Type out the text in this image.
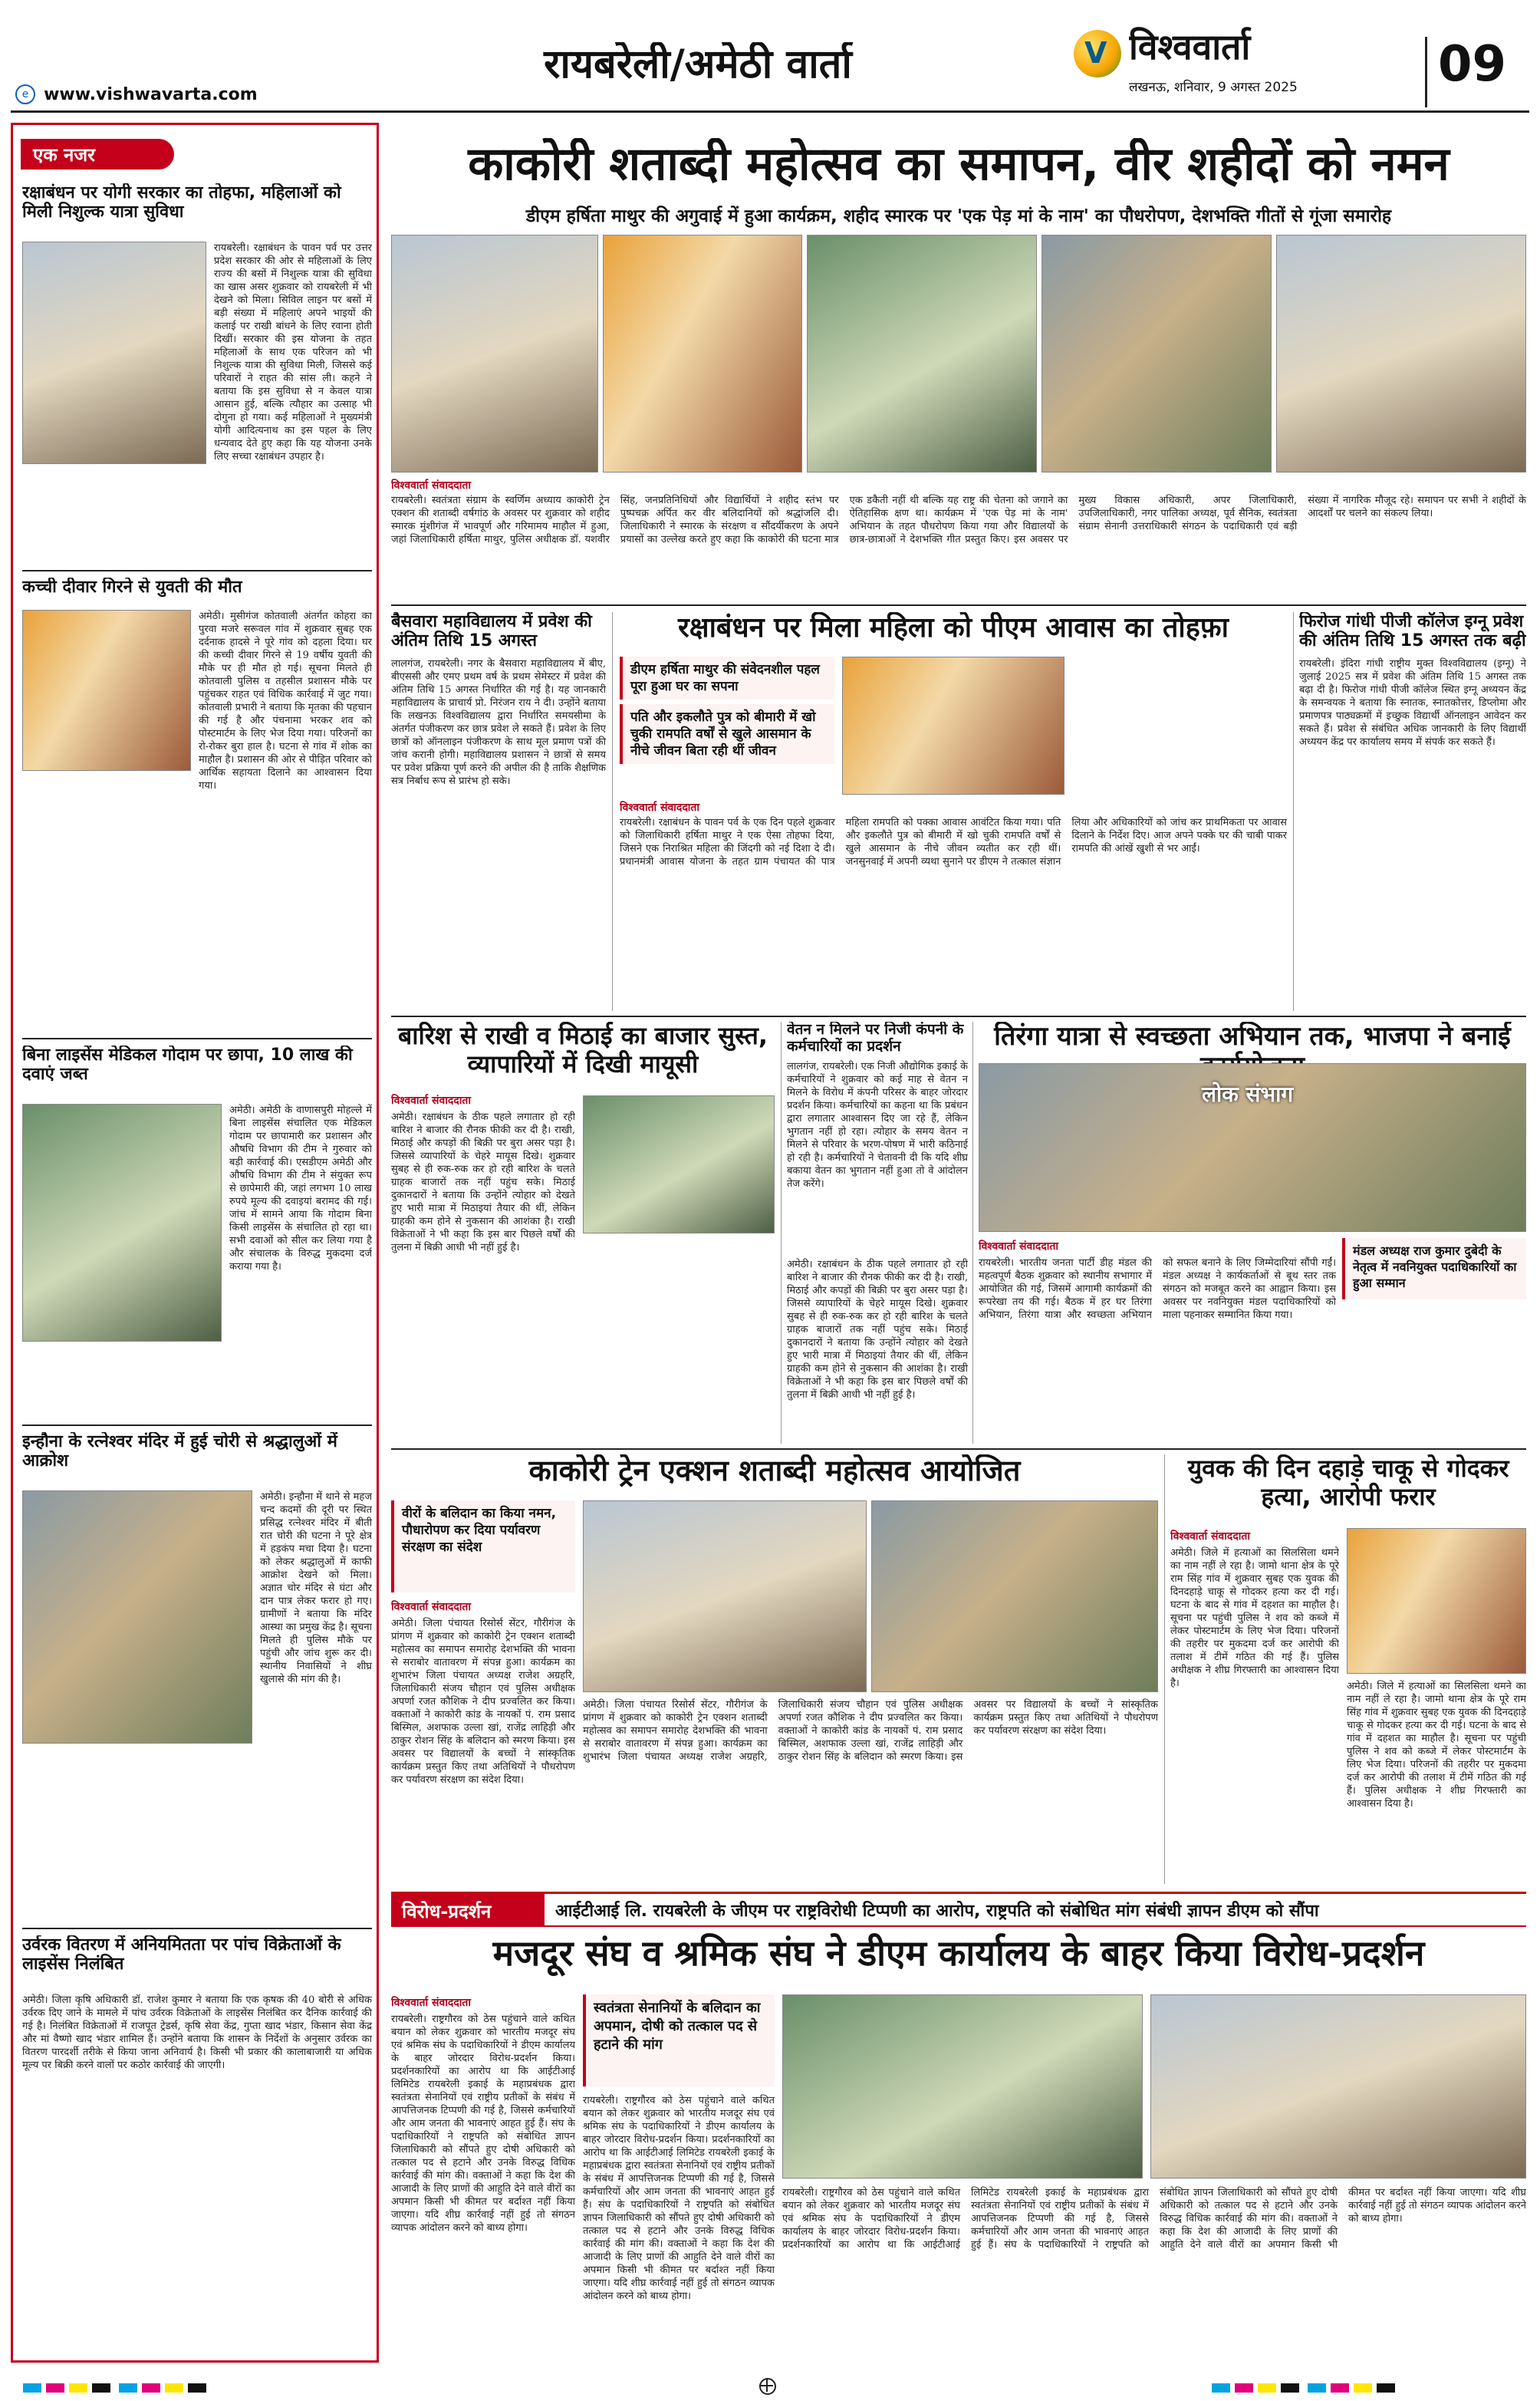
रायबरेली/अमेठी वार्ता
e www.vishwavarta.com
V विश्ववार्ता
लखनऊ, शनिवार, 9 अगस्त 2025	09
एक नजर
रक्षाबंधन पर योगी सरकार का तोहफा, महिलाओं को मिली निशुल्क यात्रा सुविधा
रायबरेली। रक्षाबंधन के पावन पर्व पर उत्तर प्रदेश सरकार की ओर से महिलाओं के लिए राज्य की बसों में निशुल्क यात्रा की सुविधा का खास असर शुक्रवार को रायबरेली में भी देखने को मिला। सिविल लाइन पर बसों में बड़ी संख्या में महिलाएं अपने भाइयों की कलाई पर राखी बांधने के लिए रवाना होती दिखीं। सरकार की इस योजना के तहत महिलाओं के साथ एक परिजन को भी निशुल्क यात्रा की सुविधा मिली, जिससे कई परिवारों ने राहत की सांस ली। कहने ने बताया कि इस सुविधा से न केवल यात्रा आसान हुई, बल्कि त्यौहार का उत्साह भी दोगुना हो गया। कई महिलाओं ने मुख्यमंत्री योगी आदित्यनाथ का इस पहल के लिए धन्यवाद देते हुए कहा कि यह योजना उनके लिए सच्चा रक्षाबंधन उपहार है।
कच्ची दीवार गिरने से युवती की मौत
अमेठी। मुसीगंज कोतवाली अंतर्गत कोहरा का पुरवा मजरे सरूवल गांव में शुक्रवार सुबह एक दर्दनाक हादसे ने पूरे गांव को दहला दिया। घर की कच्ची दीवार गिरने से 19 वर्षीय युवती की मौके पर ही मौत हो गई। सूचना मिलते ही कोतवाली पुलिस व तहसील प्रशासन मौके पर पहुंचकर राहत एवं विधिक कार्रवाई में जुट गया। कोतवाली प्रभारी ने बताया कि मृतका की पहचान की गई है और पंचनामा भरकर शव को पोस्टमार्टम के लिए भेज दिया गया। परिजनों का रो-रोकर बुरा हाल है। घटना से गांव में शोक का माहौल है। प्रशासन की ओर से पीड़ित परिवार को आर्थिक सहायता दिलाने का आश्वासन दिया गया।
बिना लाइसेंस मेडिकल गोदाम पर छापा, 10 लाख की दवाएं जब्त
अमेठी। अमेठी के वाणासपुरी मोहल्ले में बिना लाइसेंस संचालित एक मेडिकल गोदाम पर छापामारी कर प्रशासन और औषधि विभाग की टीम ने गुरुवार को बड़ी कार्रवाई की। एसडीएम अमेठी और औषधि विभाग की टीम ने संयुक्त रूप से छापेमारी की, जहां लगभग 10 लाख रुपये मूल्य की दवाइयां बरामद की गई। जांच में सामने आया कि गोदाम बिना किसी लाइसेंस के संचालित हो रहा था। सभी दवाओं को सील कर लिया गया है और संचालक के विरुद्ध मुकदमा दर्ज कराया गया है।
इन्हौना के रत्नेश्वर मंदिर में हुई चोरी से श्रद्धालुओं में आक्रोश
अमेठी। इन्हौना में थाने से महज चन्द कदमों की दूरी पर स्थित प्रसिद्ध रत्नेश्वर मंदिर में बीती रात चोरी की घटना ने पूरे क्षेत्र में हड़कंप मचा दिया है। घटना को लेकर श्रद्धालुओं में काफी आक्रोश देखने को मिला। अज्ञात चोर मंदिर से घंटा और दान पात्र लेकर फरार हो गए। ग्रामीणों ने बताया कि मंदिर आस्था का प्रमुख केंद्र है। सूचना मिलते ही पुलिस मौके पर पहुंची और जांच शुरू कर दी। स्थानीय निवासियों ने शीघ्र खुलासे की मांग की है।
उर्वरक वितरण में अनियमितता पर पांच विक्रेताओं के लाइसेंस निलंबित
अमेठी। जिला कृषि अधिकारी डॉ. राजेश कुमार ने बताया कि एक कृषक की 40 बोरी से अधिक उर्वरक दिए जाने के मामले में पांच उर्वरक विक्रेताओं के लाइसेंस निलंबित कर दैनिक कार्रवाई की गई है। निलंबित विक्रेताओं में राजपूत ट्रेडर्स, कृषि सेवा केंद्र, गुप्ता खाद भंडार, किसान सेवा केंद्र और मां वैष्णो खाद भंडार शामिल हैं। उन्होंने बताया कि शासन के निर्देशों के अनुसार उर्वरक का वितरण पारदर्शी तरीके से किया जाना अनिवार्य है। किसी भी प्रकार की कालाबाजारी या अधिक मूल्य पर बिक्री करने वालों पर कठोर कार्रवाई की जाएगी।
काकोरी शताब्दी महोत्सव का समापन, वीर शहीदों को नमन
डीएम हर्षिता माथुर की अगुवाई में हुआ कार्यक्रम, शहीद स्मारक पर 'एक पेड़ मां के नाम' का पौधरोपण, देशभक्ति गीतों से गूंजा समारोह
विश्ववार्ता संवाददाता
रायबरेली। स्वतंत्रता संग्राम के स्वर्णिम अध्याय काकोरी ट्रेन एक्शन की शताब्दी वर्षगांठ के अवसर पर शुक्रवार को शहीद स्मारक मुंशीगंज में भावपूर्ण और गरिमामय माहौल में हुआ, जहां जिलाधिकारी हर्षिता माथुर, पुलिस अधीक्षक डॉ. यशवीर सिंह, जनप्रतिनिधियों और विद्यार्थियों ने शहीद स्तंभ पर पुष्पचक्र अर्पित कर वीर बलिदानियों को श्रद्धांजलि दी। जिलाधिकारी ने स्मारक के संरक्षण व सौंदर्यीकरण के अपने प्रयासों का उल्लेख करते हुए कहा कि काकोरी की घटना मात्र एक डकैती नहीं थी बल्कि यह राष्ट्र की चेतना को जगाने का ऐतिहासिक क्षण था। कार्यक्रम में 'एक पेड़ मां के नाम' अभियान के तहत पौधरोपण किया गया और विद्यालयों के छात्र-छात्राओं ने देशभक्ति गीत प्रस्तुत किए। इस अवसर पर मुख्य विकास अधिकारी, अपर जिलाधिकारी, उपजिलाधिकारी, नगर पालिका अध्यक्ष, पूर्व सैनिक, स्वतंत्रता संग्राम सेनानी उत्तराधिकारी संगठन के पदाधिकारी एवं बड़ी संख्या में नागरिक मौजूद रहे। समापन पर सभी ने शहीदों के आदर्शों पर चलने का संकल्प लिया।
बैसवारा महाविद्यालय में प्रवेश की अंतिम तिथि 15 अगस्त
लालगंज, रायबरेली। नगर के बैसवारा महाविद्यालय में बीए, बीएससी और एमए प्रथम वर्ष के प्रथम सेमेस्टर में प्रवेश की अंतिम तिथि 15 अगस्त निर्धारित की गई है। यह जानकारी महाविद्यालय के प्राचार्य प्रो. निरंजन राय ने दी। उन्होंने बताया कि लखनऊ विश्वविद्यालय द्वारा निर्धारित समयसीमा के अंतर्गत पंजीकरण कर छात्र प्रवेश ले सकते हैं। प्रवेश के लिए छात्रों को ऑनलाइन पंजीकरण के साथ मूल प्रमाण पत्रों की जांच करानी होगी। महाविद्यालय प्रशासन ने छात्रों से समय पर प्रवेश प्रक्रिया पूर्ण करने की अपील की है ताकि शैक्षणिक सत्र निर्बाध रूप से प्रारंभ हो सके।
रक्षाबंधन पर मिला महिला को पीएम आवास का तोहफ़ा
डीएम हर्षिता माथुर की संवेदनशील पहल पूरा हुआ घर का सपना
पति और इकलौते पुत्र को बीमारी में खो चुकी रामपति वर्षों से खुले आसमान के नीचे जीवन बिता रही थीं जीवन
विश्ववार्ता संवाददाता
रायबरेली। रक्षाबंधन के पावन पर्व के एक दिन पहले शुक्रवार को जिलाधिकारी हर्षिता माथुर ने एक ऐसा तोहफा दिया, जिसने एक निराश्रित महिला की जिंदगी को नई दिशा दे दी। प्रधानमंत्री आवास योजना के तहत ग्राम पंचायत की पात्र महिला रामपति को पक्का आवास आवंटित किया गया। पति और इकलौते पुत्र को बीमारी में खो चुकी रामपति वर्षों से खुले आसमान के नीचे जीवन व्यतीत कर रही थीं। जनसुनवाई में अपनी व्यथा सुनाने पर डीएम ने तत्काल संज्ञान लिया और अधिकारियों को जांच कर प्राथमिकता पर आवास दिलाने के निर्देश दिए। आज अपने पक्के घर की चाबी पाकर रामपति की आंखें खुशी से भर आईं।
फिरोज गांधी पीजी कॉलेज इग्नू प्रवेश की अंतिम तिथि 15 अगस्त तक बढ़ी
रायबरेली। इंदिरा गांधी राष्ट्रीय मुक्त विश्वविद्यालय (इग्नू) ने जुलाई 2025 सत्र में प्रवेश की अंतिम तिथि 15 अगस्त तक बढ़ा दी है। फिरोज गांधी पीजी कॉलेज स्थित इग्नू अध्ययन केंद्र के समन्वयक ने बताया कि स्नातक, स्नातकोत्तर, डिप्लोमा और प्रमाणपत्र पाठ्यक्रमों में इच्छुक विद्यार्थी ऑनलाइन आवेदन कर सकते हैं। प्रवेश से संबंधित अधिक जानकारी के लिए विद्यार्थी अध्ययन केंद्र पर कार्यालय समय में संपर्क कर सकते हैं।
बारिश से राखी व मिठाई का बाजार सुस्त, व्यापारियों में दिखी मायूसी
विश्ववार्ता संवाददाता
अमेठी। रक्षाबंधन के ठीक पहले लगातार हो रही बारिश ने बाजार की रौनक फीकी कर दी है। राखी, मिठाई और कपड़ों की बिक्री पर बुरा असर पड़ा है। जिससे व्यापारियों के चेहरे मायूस दिखे। शुक्रवार सुबह से ही रुक-रुक कर हो रही बारिश के चलते ग्राहक बाजारों तक नहीं पहुंच सके। मिठाई दुकानदारों ने बताया कि उन्होंने त्योहार को देखते हुए भारी मात्रा में मिठाइयां तैयार की थीं, लेकिन ग्राहकी कम होने से नुकसान की आशंका है। राखी विक्रेताओं ने भी कहा कि इस बार पिछले वर्षों की तुलना में बिक्री आधी भी नहीं हुई है।
वेतन न मिलने पर निजी कंपनी के कर्मचारियों का प्रदर्शन
लालगंज, रायबरेली। एक निजी औद्योगिक इकाई के कर्मचारियों ने शुक्रवार को कई माह से वेतन न मिलने के विरोध में कंपनी परिसर के बाहर जोरदार प्रदर्शन किया। कर्मचारियों का कहना था कि प्रबंधन द्वारा लगातार आश्वासन दिए जा रहे हैं, लेकिन भुगतान नहीं हो रहा। त्योहार के समय वेतन न मिलने से परिवार के भरण-पोषण में भारी कठिनाई हो रही है। कर्मचारियों ने चेतावनी दी कि यदि शीघ्र बकाया वेतन का भुगतान नहीं हुआ तो वे आंदोलन तेज करेंगे।
तिरंगा यात्रा से स्वच्छता अभियान तक, भाजपा ने बनाई
लोक संभाग
विश्ववार्ता संवाददाता	मंडल अध्यक्ष राज कुमार दुबेदी के नेतृत्व में नवनियुक्त पदाधिकारियों का हुआ सम्मान
रायबरेली। भारतीय जनता पार्टी डीह मंडल की महत्वपूर्ण बैठक शुक्रवार को स्थानीय सभागार में आयोजित की गई, जिसमें आगामी कार्यक्रमों की रूपरेखा तय की गई। बैठक में हर घर तिरंगा अभियान, तिरंगा यात्रा और स्वच्छता अभियान को सफल बनाने के लिए जिम्मेदारियां सौंपी गईं। मंडल अध्यक्ष ने कार्यकर्ताओं से बूथ स्तर तक संगठन को मजबूत करने का आह्वान किया। इस अवसर पर नवनियुक्त मंडल पदाधिकारियों को माला पहनाकर सम्मानित किया गया।
अमेठी। रक्षाबंधन के ठीक पहले लगातार हो रही बारिश ने बाजार की रौनक फीकी कर दी है। राखी, मिठाई और कपड़ों की बिक्री पर बुरा असर पड़ा है। जिससे व्यापारियों के चेहरे मायूस दिखे। शुक्रवार सुबह से ही रुक-रुक कर हो रही बारिश के चलते ग्राहक बाजारों तक नहीं पहुंच सके। मिठाई दुकानदारों ने बताया कि उन्होंने त्योहार को देखते हुए भारी मात्रा में मिठाइयां तैयार की थीं, लेकिन ग्राहकी कम होने से नुकसान की आशंका है। राखी विक्रेताओं ने भी कहा कि इस बार पिछले वर्षों की तुलना में बिक्री आधी भी नहीं हुई है।
काकोरी ट्रेन एक्शन शताब्दी महोत्सव आयोजित
वीरों के बलिदान का किया नमन, पौधारोपण कर दिया पर्यावरण संरक्षण का संदेश
विश्ववार्ता संवाददाता
अमेठी। जिला पंचायत रिसोर्स सेंटर, गौरीगंज के प्रांगण में शुक्रवार को काकोरी ट्रेन एक्शन शताब्दी महोत्सव का समापन समारोह देशभक्ति की भावना से सराबोर वातावरण में संपन्न हुआ। कार्यक्रम का शुभारंभ जिला पंचायत अध्यक्ष राजेश अग्रहरि, जिलाधिकारी संजय चौहान एवं पुलिस अधीक्षक अपर्णा रजत कौशिक ने दीप प्रज्वलित कर किया। वक्ताओं ने काकोरी कांड के नायकों पं. राम प्रसाद बिस्मिल, अशफाक उल्ला खां, राजेंद्र लाहिड़ी और ठाकुर रोशन सिंह के बलिदान को स्मरण किया। इस अवसर पर विद्यालयों के बच्चों ने सांस्कृतिक कार्यक्रम प्रस्तुत किए तथा अतिथियों ने पौधरोपण कर पर्यावरण संरक्षण का संदेश दिया।
अमेठी। जिला पंचायत रिसोर्स सेंटर, गौरीगंज के प्रांगण में शुक्रवार को काकोरी ट्रेन एक्शन शताब्दी महोत्सव का समापन समारोह देशभक्ति की भावना से सराबोर वातावरण में संपन्न हुआ। कार्यक्रम का शुभारंभ जिला पंचायत अध्यक्ष राजेश अग्रहरि, जिलाधिकारी संजय चौहान एवं पुलिस अधीक्षक अपर्णा रजत कौशिक ने दीप प्रज्वलित कर किया। वक्ताओं ने काकोरी कांड के नायकों पं. राम प्रसाद बिस्मिल, अशफाक उल्ला खां, राजेंद्र लाहिड़ी और ठाकुर रोशन सिंह के बलिदान को स्मरण किया। इस अवसर पर विद्यालयों के बच्चों ने सांस्कृतिक कार्यक्रम प्रस्तुत किए तथा अतिथियों ने पौधरोपण कर पर्यावरण संरक्षण का संदेश दिया।
युवक की दिन दहाड़े चाकू से गोदकर हत्या, आरोपी फरार
विश्ववार्ता संवाददाता
अमेठी। जिले में हत्याओं का सिलसिला थमने का नाम नहीं ले रहा है। जामो थाना क्षेत्र के पूरे राम सिंह गांव में शुक्रवार सुबह एक युवक की दिनदहाड़े चाकू से गोदकर हत्या कर दी गई। घटना के बाद से गांव में दहशत का माहौल है। सूचना पर पहुंची पुलिस ने शव को कब्जे में लेकर पोस्टमार्टम के लिए भेज दिया। परिजनों की तहरीर पर मुकदमा दर्ज कर आरोपी की तलाश में टीमें गठित की गई हैं। पुलिस अधीक्षक ने शीघ्र गिरफ्तारी का आश्वासन दिया है।	अमेठी। जिले में हत्याओं का सिलसिला थमने का नाम नहीं ले रहा है। जामो थाना क्षेत्र के पूरे राम सिंह गांव में शुक्रवार सुबह एक युवक की दिनदहाड़े चाकू से गोदकर हत्या कर दी गई। घटना के बाद से गांव में दहशत का माहौल है। सूचना पर पहुंची पुलिस ने शव को कब्जे में लेकर पोस्टमार्टम के लिए भेज दिया। परिजनों की तहरीर पर मुकदमा दर्ज कर आरोपी की तलाश में टीमें गठित की गई हैं। पुलिस अधीक्षक ने शीघ्र गिरफ्तारी का आश्वासन दिया है।
विरोध-प्रदर्शन	आईटीआई लि. रायबरेली के जीएम पर राष्ट्रविरोधी टिप्पणी का आरोप, राष्ट्रपति को संबोधित मांग संबंधी ज्ञापन डीएम को सौंपा
मजदूर संघ व श्रमिक संघ ने डीएम कार्यालय के बाहर किया विरोध-प्रदर्शन
विश्ववार्ता संवाददाता
रायबरेली। राष्ट्रगौरव को ठेस पहुंचाने वाले कथित बयान को लेकर शुक्रवार को भारतीय मजदूर संघ एवं श्रमिक संघ के पदाधिकारियों ने डीएम कार्यालय के बाहर जोरदार विरोध-प्रदर्शन किया। प्रदर्शनकारियों का आरोप था कि आईटीआई लिमिटेड रायबरेली इकाई के महाप्रबंधक द्वारा स्वतंत्रता सेनानियों एवं राष्ट्रीय प्रतीकों के संबंध में आपत्तिजनक टिप्पणी की गई है, जिससे कर्मचारियों और आम जनता की भावनाएं आहत हुई हैं। संघ के पदाधिकारियों ने राष्ट्रपति को संबोधित ज्ञापन जिलाधिकारी को सौंपते हुए दोषी अधिकारी को तत्काल पद से हटाने और उनके विरुद्ध विधिक कार्रवाई की मांग की। वक्ताओं ने कहा कि देश की आजादी के लिए प्राणों की आहुति देने वाले वीरों का अपमान किसी भी कीमत पर बर्दाश्त नहीं किया जाएगा। यदि शीघ्र कार्रवाई नहीं हुई तो संगठन व्यापक आंदोलन करने को बाध्य होगा।
स्वतंत्रता सेनानियों के बलिदान का अपमान, दोषी को तत्काल पद से हटाने की मांग
रायबरेली। राष्ट्रगौरव को ठेस पहुंचाने वाले कथित बयान को लेकर शुक्रवार को भारतीय मजदूर संघ एवं श्रमिक संघ के पदाधिकारियों ने डीएम कार्यालय के बाहर जोरदार विरोध-प्रदर्शन किया। प्रदर्शनकारियों का आरोप था कि आईटीआई लिमिटेड रायबरेली इकाई के महाप्रबंधक द्वारा स्वतंत्रता सेनानियों एवं राष्ट्रीय प्रतीकों के संबंध में आपत्तिजनक टिप्पणी की गई है, जिससे कर्मचारियों और आम जनता की भावनाएं आहत हुई हैं। संघ के पदाधिकारियों ने राष्ट्रपति को संबोधित ज्ञापन जिलाधिकारी को सौंपते हुए दोषी अधिकारी को तत्काल पद से हटाने और उनके विरुद्ध विधिक कार्रवाई की मांग की। वक्ताओं ने कहा कि देश की आजादी के लिए प्राणों की आहुति देने वाले वीरों का अपमान किसी भी कीमत पर बर्दाश्त नहीं किया जाएगा। यदि शीघ्र कार्रवाई नहीं हुई तो संगठन व्यापक आंदोलन करने को बाध्य होगा।
रायबरेली। राष्ट्रगौरव को ठेस पहुंचाने वाले कथित बयान को लेकर शुक्रवार को भारतीय मजदूर संघ एवं श्रमिक संघ के पदाधिकारियों ने डीएम कार्यालय के बाहर जोरदार विरोध-प्रदर्शन किया। प्रदर्शनकारियों का आरोप था कि आईटीआई लिमिटेड रायबरेली इकाई के महाप्रबंधक द्वारा स्वतंत्रता सेनानियों एवं राष्ट्रीय प्रतीकों के संबंध में आपत्तिजनक टिप्पणी की गई है, जिससे कर्मचारियों और आम जनता की भावनाएं आहत हुई हैं। संघ के पदाधिकारियों ने राष्ट्रपति को संबोधित ज्ञापन जिलाधिकारी को सौंपते हुए दोषी अधिकारी को तत्काल पद से हटाने और उनके विरुद्ध विधिक कार्रवाई की मांग की। वक्ताओं ने कहा कि देश की आजादी के लिए प्राणों की आहुति देने वाले वीरों का अपमान किसी भी कीमत पर बर्दाश्त नहीं किया जाएगा। यदि शीघ्र कार्रवाई नहीं हुई तो संगठन व्यापक आंदोलन करने को बाध्य होगा।
